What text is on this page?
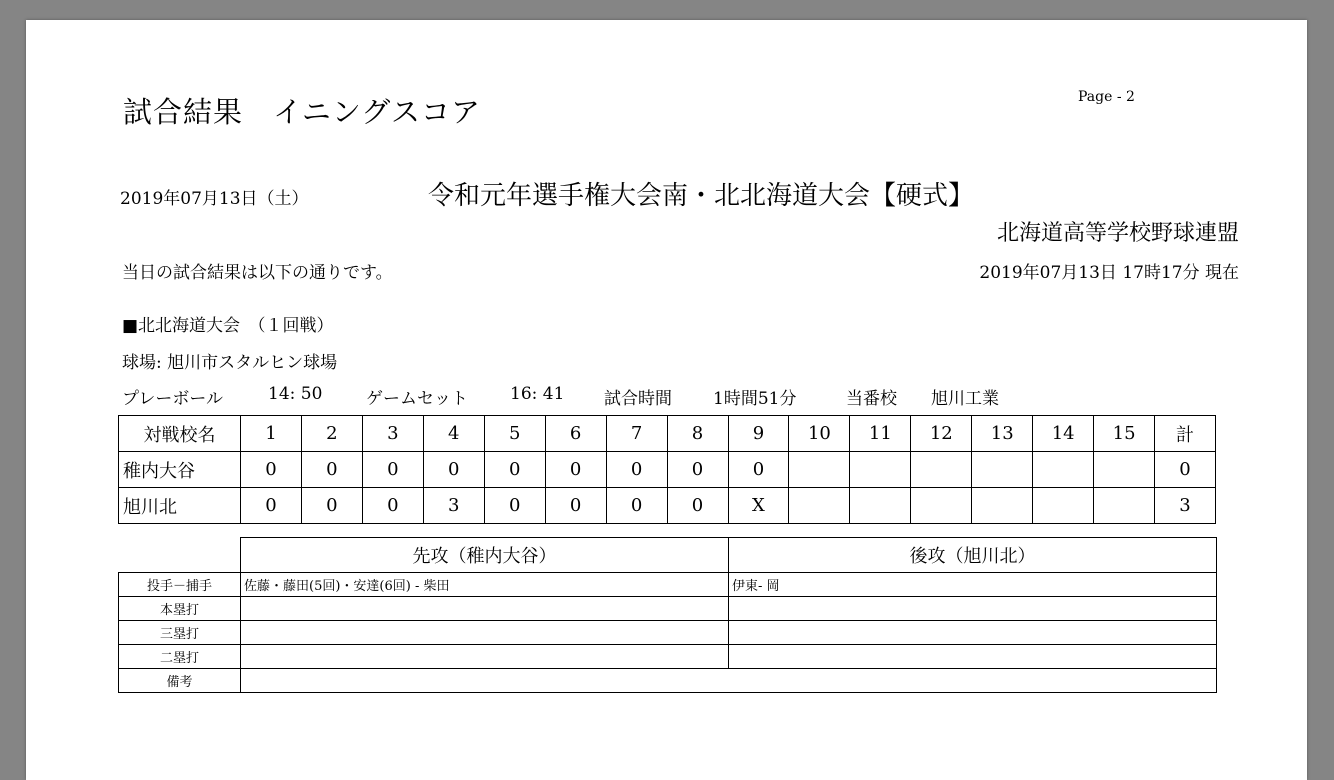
試合結果　イニングスコア	Page - 2
2019年07月13日（土）	令和元年選手権大会南・北北海道大会【硬式】
北海道高等学校野球連盟
当日の試合結果は以下の通りです。	2019年07月13日 17時17分 現在
■北北海道大会　（１回戦）
球場: 旭川市スタルヒン球場
プレーボール	14: 50	ゲームセット	16: 41	試合時間	1時間51分	当番校	旭川工業
対戦校名	1	2	3	4	5	6	7	8	9	10	11	12	13	14	15	計
稚内大谷	0	0	0	0	0	0	0	0	0							0
旭川北	0	0	0	3	0	0	0	0	X							3
	先攻（稚内大谷）	後攻（旭川北）
投手－捕手	佐藤・藤田(5回)・安達(6回) - 柴田	伊東- 岡
本塁打		
三塁打		
二塁打		
備考		
